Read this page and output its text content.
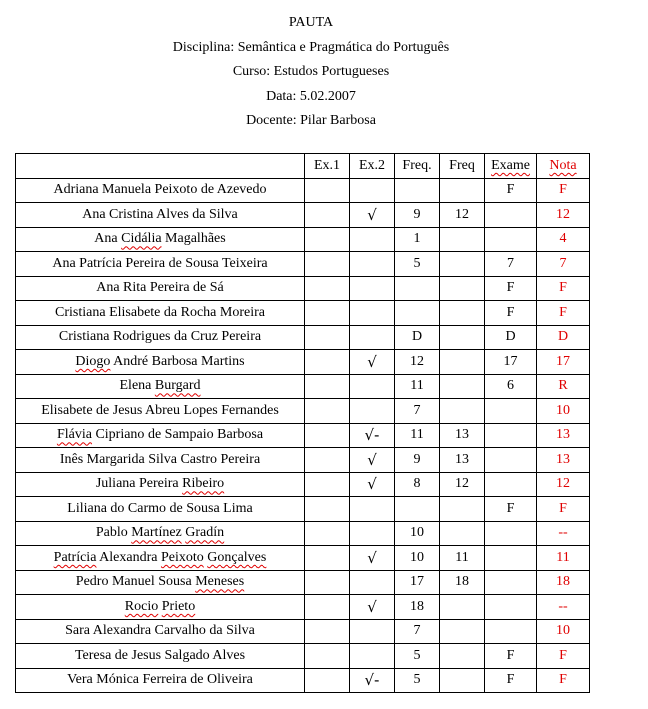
PAUTA
Disciplina: Semântica e Pragmática do Português
Curso: Estudos Portugueses
Data: 5.02.2007
Docente: Pilar Barbosa
	Ex.1	Ex.2	Freq.	Freq	Exame	Nota
Adriana Manuela Peixoto de Azevedo					F	F
Ana Cristina Alves da Silva		√	9	12		12
Ana Cidália Magalhães			1			4
Ana Patrícia Pereira de Sousa Teixeira			5		7	7
Ana Rita Pereira de Sá					F	F
Cristiana Elisabete da Rocha Moreira					F	F
Cristiana Rodrigues da Cruz Pereira			D		D	D
Diogo André Barbosa Martins		√	12		17	17
Elena Burgard			11		6	R
Elisabete de Jesus Abreu Lopes Fernandes			7			10
Flávia Cipriano de Sampaio Barbosa		√-	11	13		13
Inês Margarida Silva Castro Pereira		√	9	13		13
Juliana Pereira Ribeiro		√	8	12		12
Liliana do Carmo de Sousa Lima					F	F
Pablo Martínez Gradín			10			--
Patrícia Alexandra Peixoto Gonçalves		√	10	11		11
Pedro Manuel Sousa Meneses			17	18		18
Rocio Prieto		√	18			--
Sara Alexandra Carvalho da Silva			7			10
Teresa de Jesus Salgado Alves			5		F	F
Vera Mónica Ferreira de Oliveira		√-	5		F	F
